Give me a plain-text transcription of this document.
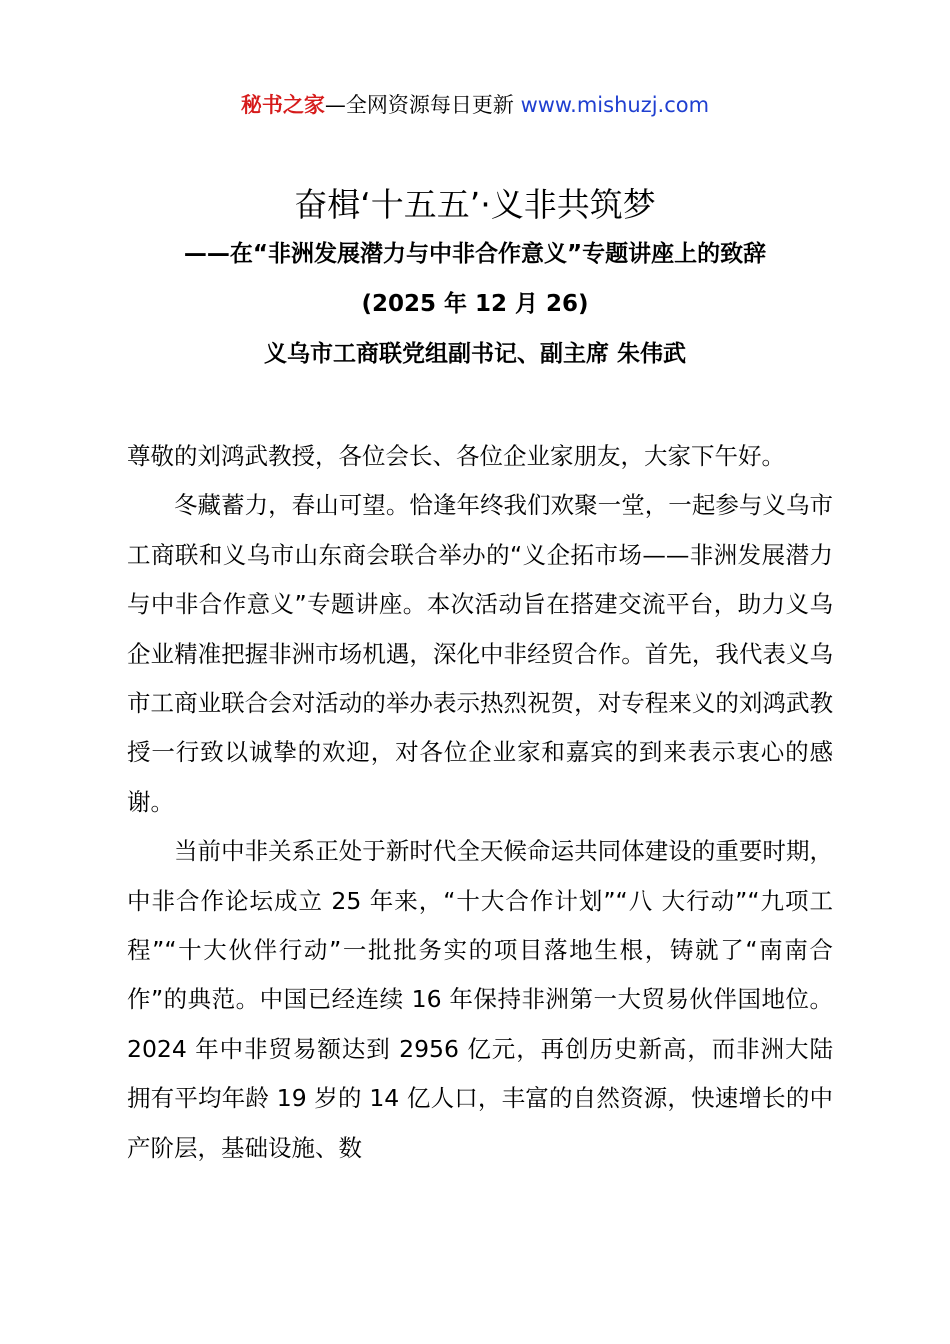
秘书之家—全网资源每日更新 www.mishuzj.com
奋楫‘十五五’·义非共筑梦
——在“非洲发展潜力与中非合作意义”专题讲座上的致辞
(2025 年 12 月 26)
义乌市工商联党组副书记、副主席 朱伟武

尊敬的刘鸿武教授，各位会长、各位企业家朋友，大家下午好。

冬藏蓄力，春山可望。恰逢年终我们欢聚一堂，一起参与义乌市工商联和义乌市山东商会联合举办的“义企拓市场——非洲发展潜力与中非合作意义”专题讲座。本次活动旨在搭建交流平台，助力义乌企业精准把握非洲市场机遇，深化中非经贸合作。首先，我代表义乌市工商业联合会对活动的举办表示热烈祝贺，对专程来义的刘鸿武教授一行致以诚挚的欢迎，对各位企业家和嘉宾的到来表示衷心的感谢。

当前中非关系正处于新时代全天候命运共同体建设的重要时期，中非合作论坛成立 25 年来，“十大合作计划”“八 大行动”“九项工程”“十大伙伴行动”一批批务实的项目落地生根，铸就了“南南合作”的典范。中国已经连续 16 年保持非洲第一大贸易伙伴国地位。2024 年中非贸易额达到 2956 亿元，再创历史新高，而非洲大陆拥有平均年龄 19 岁的 14 亿人口，丰富的自然资源，快速增长的中产阶层，基础设施、数
